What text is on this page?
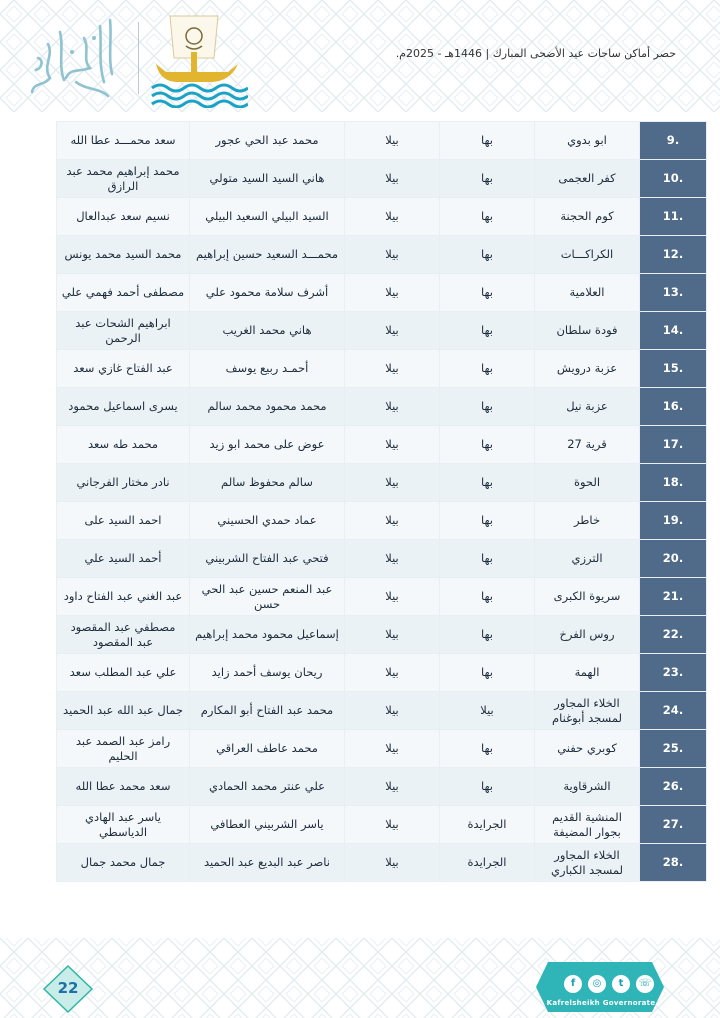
حصر أماكن ساحات عيد الأضحى المبارك | 1446هـ - 2025م.
.9	ابو بدوي	بها	بيلا	محمد عبد الحي عجور	سعد محمـــد عطا الله
.10	كفر العجمى	بها	بيلا	هاني السيد السيد متولي	محمد إبراهيم محمد عبد الرازق
.11	كوم الحجنة	بها	بيلا	السيد البيلي السعيد البيلي	نسيم سعد عبدالعال
.12	الكراكـــات	بها	بيلا	محمـــد السعيد حسين إبراهيم	محمد السيد محمد يونس
.13	العلامية	بها	بيلا	أشرف سلامة محمود علي	مصطفى أحمد فهمي علي
.14	فودة سلطان	بها	بيلا	هاني محمد الغريب	ابراهيم الشحات عبد الرحمن
.15	عزبة درويش	بها	بيلا	أحمـد ربيع يوسف	عبد الفتاح غازي سعد
.16	عزبة نيل	بها	بيلا	محمد محمود محمد سالم	يسرى اسماعيل محمود
.17	قرية 27	بها	بيلا	عوض على محمد ابو زيد	محمد طه سعد
.18	الحوة	بها	بيلا	سالم محفوظ سالم	نادر مختار الفرجاني
.19	خاطر	بها	بيلا	عماد حمدي الحسيني	احمد السيد على
.20	الترزي	بها	بيلا	فتحي عبد الفتاح الشربيني	أحمد السيد علي
.21	سريوة الكبرى	بها	بيلا	عبد المنعم حسين عبد الحي حسن	عبد الغني عبد الفتاح داود
.22	روس الفرخ	بها	بيلا	إسماعيل محمود محمد إبراهيم	مصطفي عبد المقصود عبد المقصود
.23	الهمة	بها	بيلا	ريحان يوسف أحمد زايد	علي عبد المطلب سعد
.24	الخلاء المجاور لمسجد أبوغنام	بيلا	بيلا	محمد عبد الفتاح أبو المكارم	جمال عبد الله عبد الحميد
.25	كوبري حفني	بها	بيلا	محمد عاطف العراقي	رامز عبد الصمد عبد الحليم
.26	الشرقاوية	بها	بيلا	علي عنتر محمد الحمادي	سعد محمد عطا الله
.27	المنشية القديم بجوار المضيفة	الجرايدة	بيلا	ياسر الشربيني العطافي	ياسر عبد الهادي الدياسطي
.28	الخلاء المجاور لمسجد الكباري	الجرايدة	بيلا	ناصر عبد البديع عبد الحميد	جمال محمد جمال
22	☏
t
◎
f
Kafrelsheikh Governorate
